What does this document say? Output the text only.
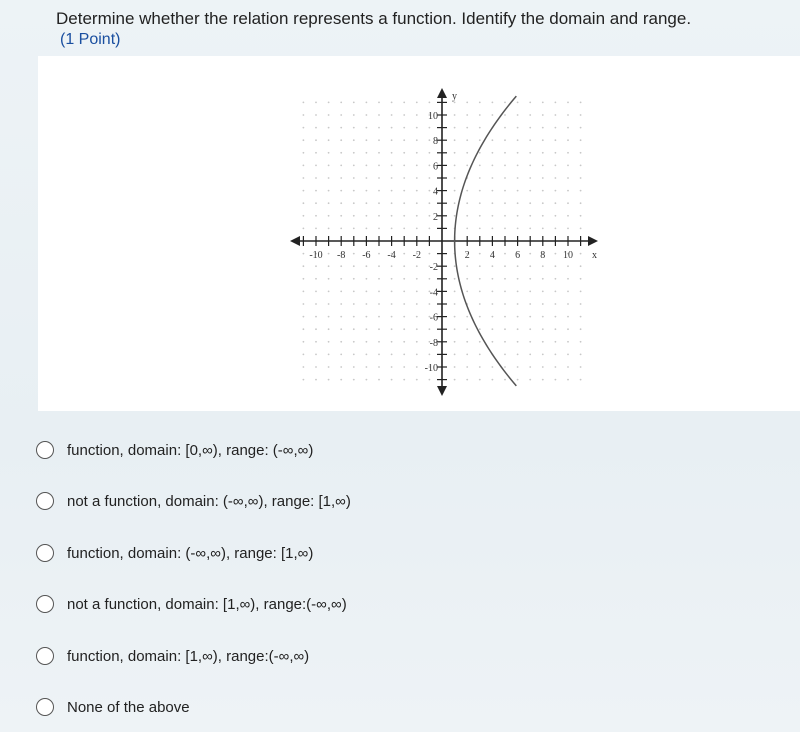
Determine whether the relation represents a function. Identify the domain and range.
(1 Point)
-10 -8 -6 -4 -2	2 4 6 8 10
2
4
6
8
10
-2
-4
-6
-8
-10
x
y
function, domain: [0,∞), range: (-∞,∞)
not a function, domain: (-∞,∞), range: [1,∞)
function, domain: (-∞,∞), range: [1,∞)
not a function, domain: [1,∞), range:(-∞,∞)
function, domain: [1,∞), range:(-∞,∞)
None of the above
